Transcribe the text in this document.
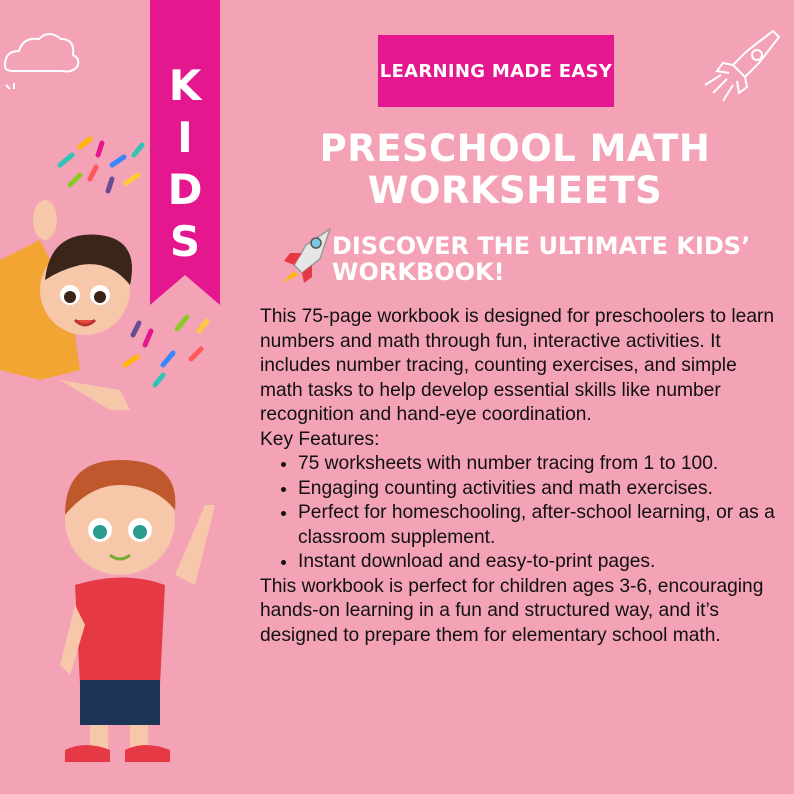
K
I
D
S
LEARNING MADE EASY
PRESCHOOL MATH
WORKSHEETS
DISCOVER THE ULTIMATE KIDS’
WORKBOOK!

This 75-page workbook is designed for preschoolers to learn numbers and math through fun, interactive activities. It includes number tracing, counting exercises, and simple math tasks to help develop essential skills like number recognition and hand-eye coordination.

Key Features:

• 75 worksheets with number tracing from 1 to 100.
• Engaging counting activities and math exercises.
• Perfect for homeschooling, after-school learning, or as a classroom supplement.
• Instant download and easy-to-print pages.

This workbook is perfect for children ages 3-6, encouraging hands-on learning in a fun and structured way, and it’s designed to prepare them for elementary school math.
